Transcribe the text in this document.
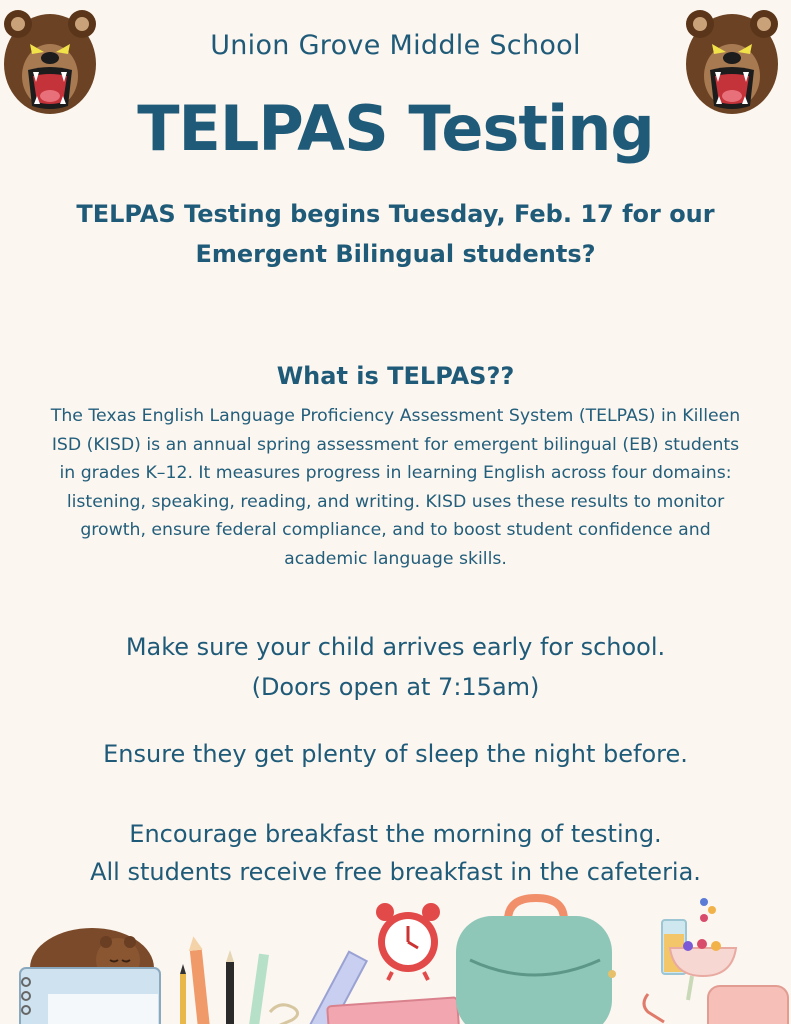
Union Grove Middle School
TELPAS Testing
TELPAS Testing begins Tuesday, Feb. 17 for our
Emergent Bilingual students?
What is TELPAS??
The Texas English Language Proficiency Assessment System (TELPAS) in Killeen
ISD (KISD) is an annual spring assessment for emergent bilingual (EB) students
in grades K–12. It measures progress in learning English across four domains:
listening, speaking, reading, and writing. KISD uses these results to monitor
growth, ensure federal compliance, and to boost student confidence and
academic language skills.
Make sure your child arrives early for school.
(Doors open at 7:15am)
Ensure they get plenty of sleep the night before.
Encourage breakfast the morning of testing.
All students receive free breakfast in the cafeteria.
